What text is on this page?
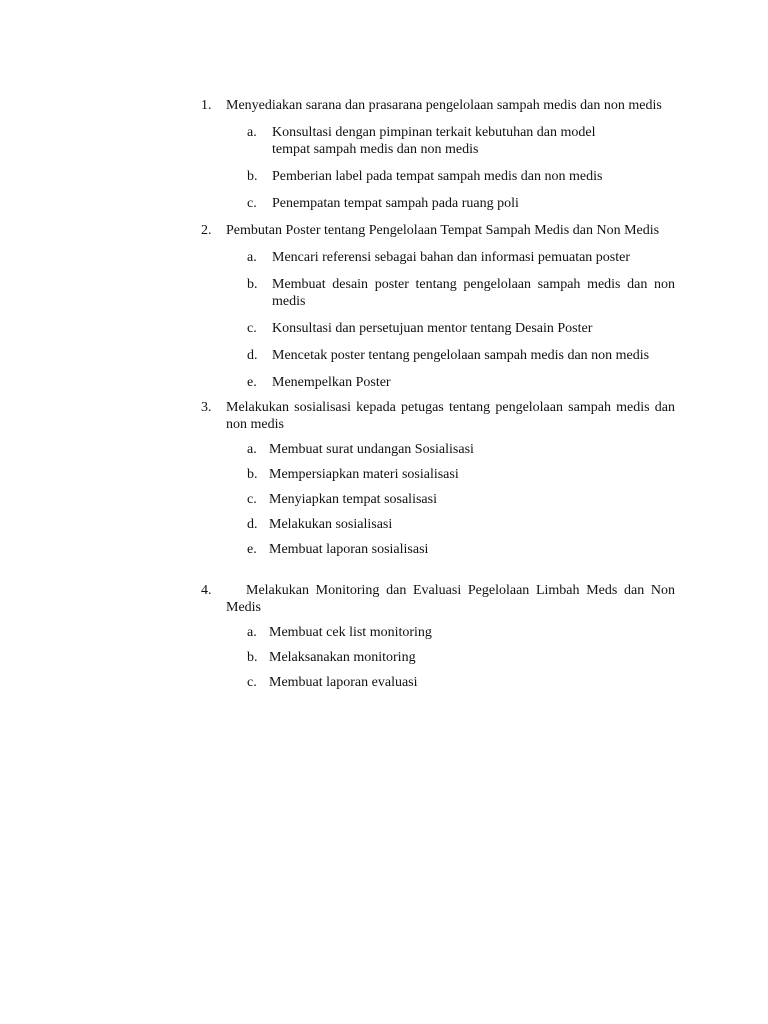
1. Menyediakan sarana dan prasarana pengelolaan sampah medis dan non medis
a.	Konsultasi dengan pimpinan terkait kebutuhan dan model tempat sampah medis dan non medis
b.	Pemberian label pada tempat sampah medis dan non medis
c.	Penempatan tempat sampah pada ruang poli
2. Pembutan Poster tentang Pengelolaan Tempat Sampah Medis dan Non Medis
a.	Mencari referensi sebagai bahan dan informasi pemuatan poster
b.	Membuat desain poster tentang pengelolaan sampah medis dan non medis
c.	Konsultasi dan persetujuan mentor tentang Desain Poster
d.	Mencetak poster tentang pengelolaan sampah medis dan non medis
e.	Menempelkan Poster
3. Melakukan sosialisasi kepada petugas tentang pengelolaan sampah medis dan non medis
a. Membuat surat undangan Sosialisasi
b. Mempersiapkan materi sosialisasi
c. Menyiapkan tempat sosalisasi
d. Melakukan sosialisasi
e. Membuat laporan sosialisasi
4. Melakukan Monitoring dan Evaluasi Pegelolaan Limbah Meds dan Non Medis
a. Membuat cek list monitoring
b. Melaksanakan monitoring
c. Membuat laporan evaluasi
